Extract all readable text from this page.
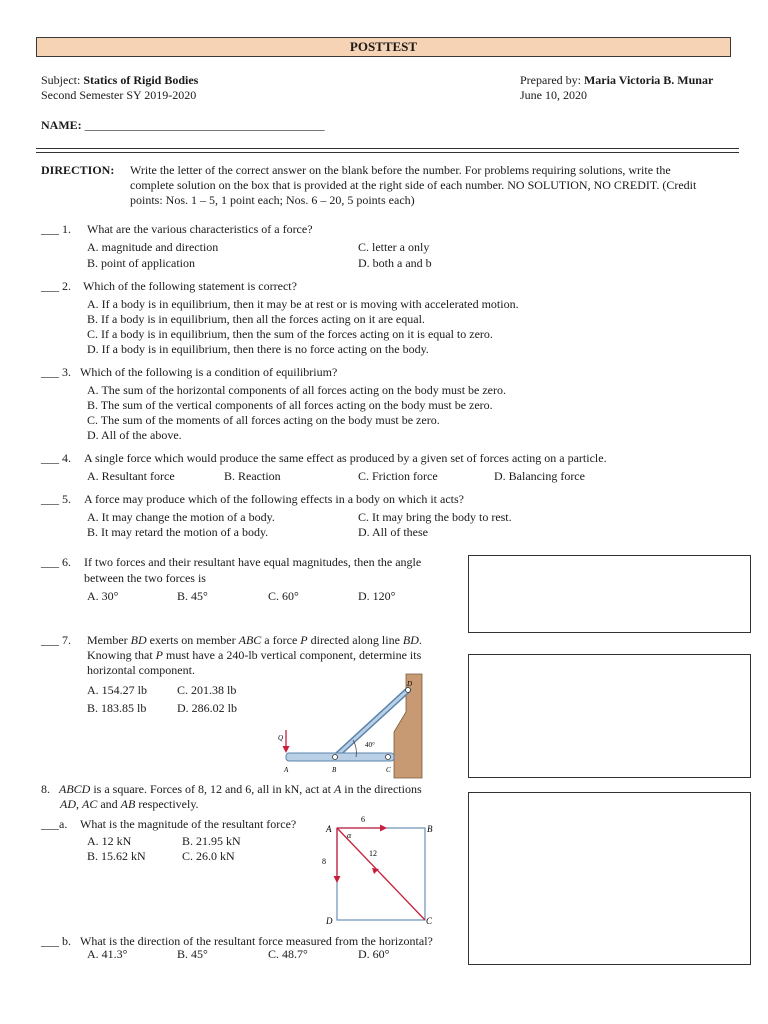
POSTTEST
Subject: Statics of Rigid Bodies
Second Semester SY 2019-2020
Prepared by: Maria Victoria B. Munar
June 10, 2020
NAME: ________________________________________
DIRECTION: Write the letter of the correct answer on the blank before the number. For problems requiring solutions, write the
complete solution on the box that is provided at the right side of each number. NO SOLUTION, NO CREDIT. (Credit
points: Nos. 1 – 5, 1 point each; Nos. 6 – 20, 5 points each)
___ 1. What are the various characteristics of a force?
A. magnitude and direction
B. point of application
C. letter a only
D. both a and b
___ 2. Which of the following statement is correct?
A. If a body is in equilibrium, then it may be at rest or is moving with accelerated motion.
B. If a body is in equilibrium, then all the forces acting on it are equal.
C. If a body is in equilibrium, then the sum of the forces acting on it is equal to zero.
D. If a body is in equilibrium, then there is no force acting on the body.
___ 3. Which of the following is a condition of equilibrium?
A. The sum of the horizontal components of all forces acting on the body must be zero.
B. The sum of the vertical components of all forces acting on the body must be zero.
C. The sum of the moments of all forces acting on the body must be zero.
D. All of the above.
___ 4. A single force which would produce the same effect as produced by a given set of forces acting on a particle.
A. Resultant force	B. Reaction	C. Friction force	D. Balancing force
___ 5. A force may produce which of the following effects in a body on which it acts?
A. It may change the motion of a body.
B. It may retard the motion of a body.
C. It may bring the body to rest.
D. All of these
___ 6. If two forces and their resultant have equal magnitudes, then the angle
between the two forces is
A. 30°	B. 45°	C. 60°	D. 120°
___ 7. Member BD exerts on member ABC a force P directed along line BD.
Knowing that P must have a 240-lb vertical component, determine its
horizontal component.
A. 154.27 lb	C. 201.38 lb
B. 183.85 lb	D. 286.02 lb
40°
Q
A	B	C
D
8. ABCD is a square. Forces of 8, 12 and 6, all in kN, act at A in the directions
AD, AC and AB respectively.
___a. What is the magnitude of the resultant force?
A. 12 kN	B. 21.95 kN
B. 15.62 kN	C. 26.0 kN
α
A	B
C
D
6
8
12
___ b. What is the direction of the resultant force measured from the horizontal?
A. 41.3°	B. 45°	C. 48.7°	D. 60°
